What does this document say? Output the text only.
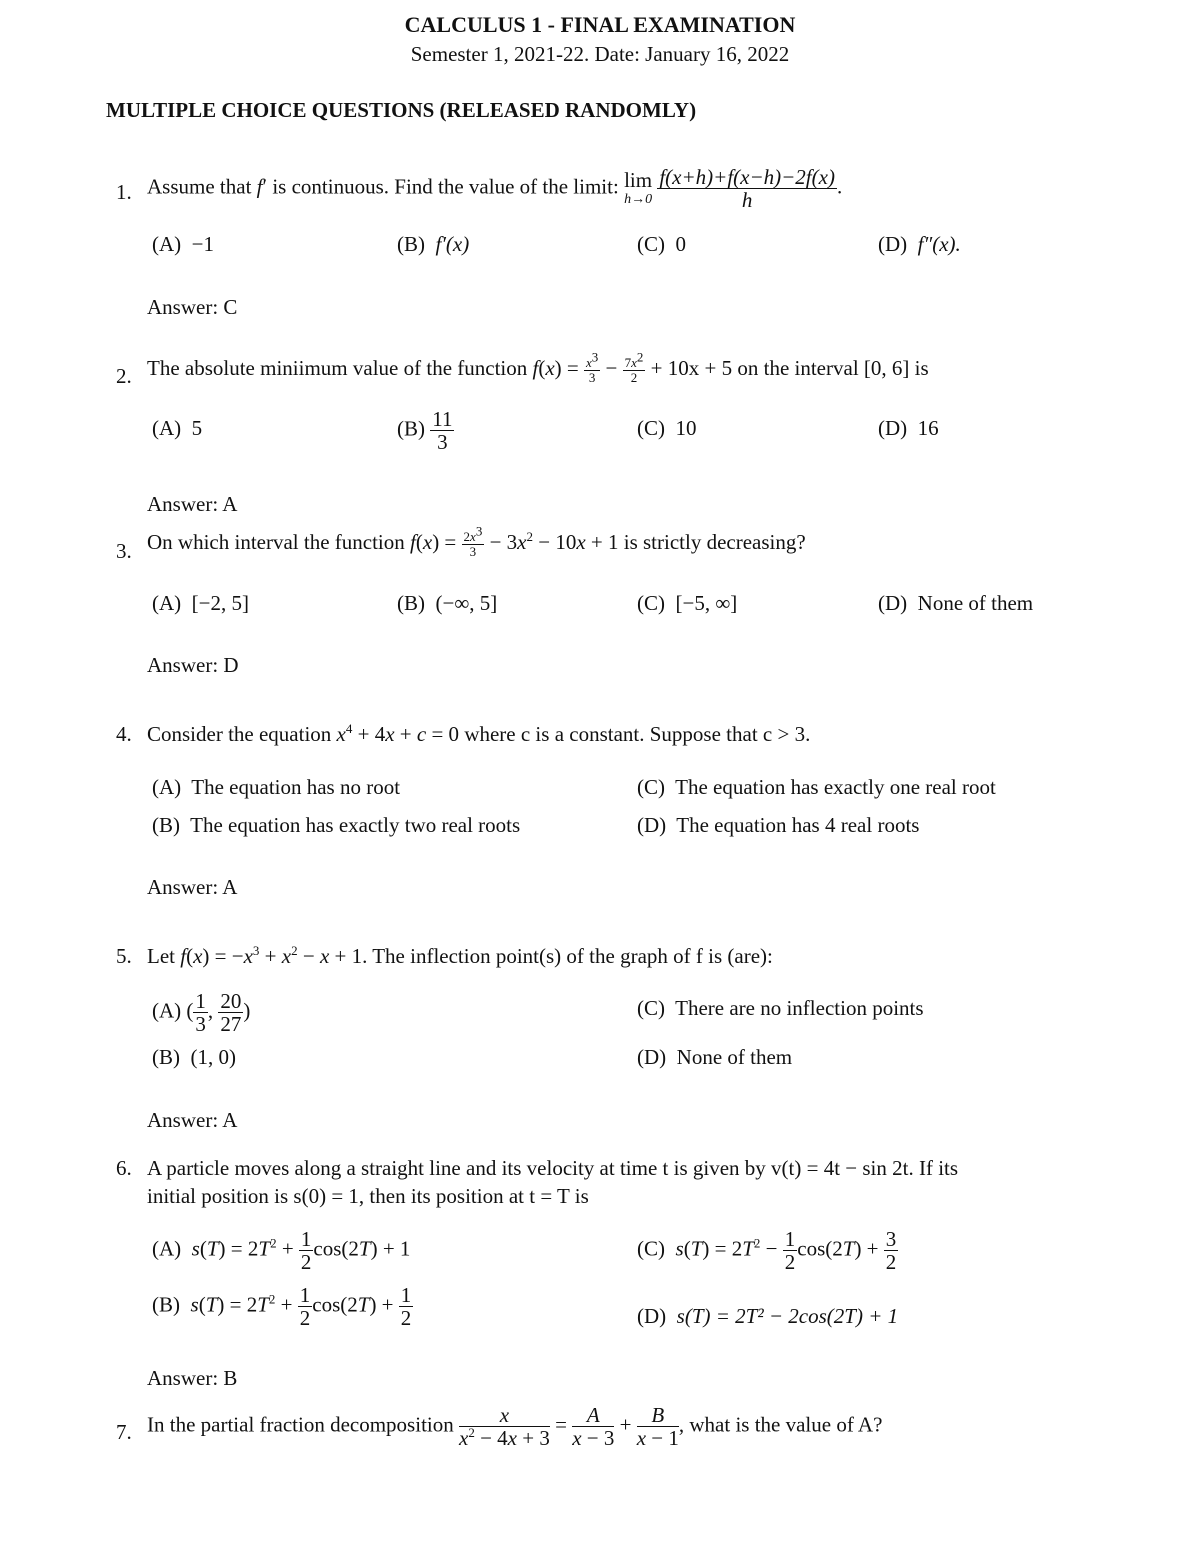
CALCULUS 1 - FINAL EXAMINATION
Semester 1, 2021-22. Date: January 16, 2022
MULTIPLE CHOICE QUESTIONS (RELEASED RANDOMLY)
1. Assume that f′ is continuous. Find the value of the limit: lim
h→0
$\frac{f(x+h)+f(x-h)-2f(x)}{h}$ .
(A) −1	(B) f′(x)	(C) 0	(D) f″(x).
Answer: C
2. The absolute miniimum value of the function $f(x) = \frac{x^3}{3} - \frac{7x^2}{2} + 10x + 5$ on the interval [0, 6] is
(A) 5	$(B) \frac{11}{3}$	(C) 10	(D) 16
Answer: A
3. On which interval the function $f(x) = \frac{2x^3}{3} - 3x^2 - 10x + 1$ is strictly decreasing?
(A) [−2, 5]	(B) (−∞, 5]	(C) [−5, ∞]	(D) None of them
Answer: D
4. Consider the equation $x^4 + 4x + c = 0$ where c is a constant. Suppose that c > 3.
(A) The equation has no root	(C) The equation has exactly one real root
(B) The equation has exactly two real roots	(D) The equation has 4 real roots
Answer: A
5. Let $f(x) = -x^3 + x^2 - x + 1$. The inflection point(s) of the graph of f is (are):
(A) ( $\frac{1}{3}$ , $\frac{20}{27}$ )	(C) There are no inflection points
(B) (1, 0)	(D) None of them
Answer: A
6. A particle moves along a straight line and its velocity at time t is given by v(t) = 4t − sin 2t. If its
initial position is s(0) = 1, then its position at t = T is
(A) $s(T) = 2T^2 + \frac{1}{2} \cos(2T) + 1$	(C) $s(T) = 2T^2 - \frac{1}{2} \cos(2T) + \frac{3}{2}$
(B) $s(T) = 2T^2 + \frac{1}{2} \cos(2T) + \frac{1}{2}$	(D) s(T) = 2T² − 2cos(2T) + 1
Answer: B
7. In the partial fraction decomposition $\frac{x}{x^2 - 4x + 3} = \frac{A}{x - 3} + \frac{B}{x - 1}$ , what is the value of A?
